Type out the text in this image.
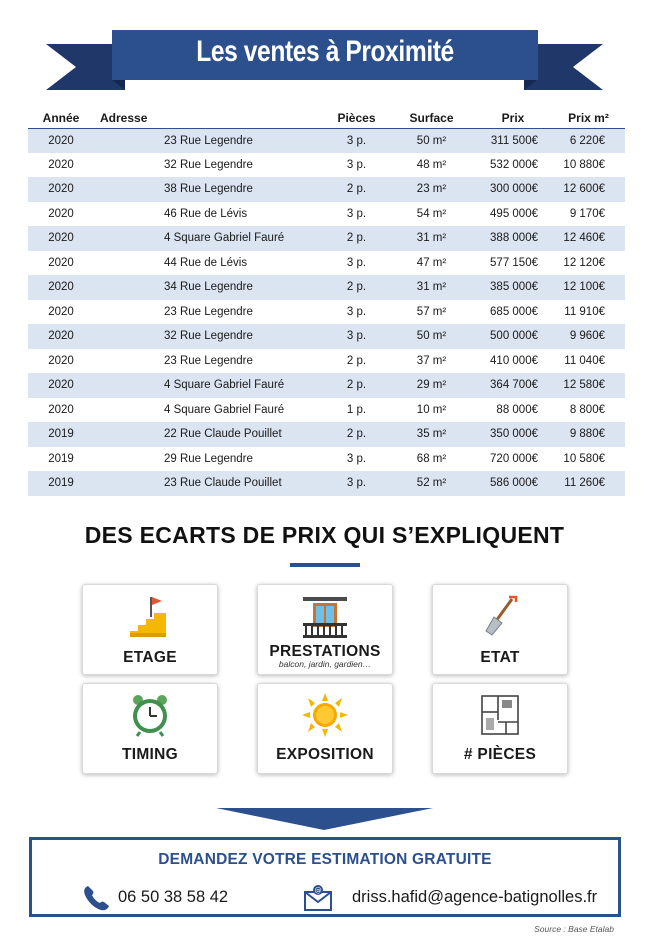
Les ventes à Proximité
Année	Adresse	Pièces	Surface	Prix	Prix m²
2020	23 Rue Legendre	3 p.	50 m²	311 500€	6 220€
2020	32 Rue Legendre	3 p.	48 m²	532 000€	10 880€
2020	38 Rue Legendre	2 p.	23 m²	300 000€	12 600€
2020	46 Rue de Lévis	3 p.	54 m²	495 000€	9 170€
2020	4 Square Gabriel Fauré	2 p.	31 m²	388 000€	12 460€
2020	44 Rue de Lévis	3 p.	47 m²	577 150€	12 120€
2020	34 Rue Legendre	2 p.	31 m²	385 000€	12 100€
2020	23 Rue Legendre	3 p.	57 m²	685 000€	11 910€
2020	32 Rue Legendre	3 p.	50 m²	500 000€	9 960€
2020	23 Rue Legendre	2 p.	37 m²	410 000€	11 040€
2020	4 Square Gabriel Fauré	2 p.	29 m²	364 700€	12 580€
2020	4 Square Gabriel Fauré	1 p.	10 m²	88 000€	8 800€
2019	22 Rue Claude Pouillet	2 p.	35 m²	350 000€	9 880€
2019	29 Rue Legendre	3 p.	68 m²	720 000€	10 580€
2019	23 Rue Claude Pouillet	3 p.	52 m²	586 000€	11 260€
DES ECARTS DE PRIX QUI S’EXPLIQUENT
ETAGE	PRESTATIONS
balcon, jardin, gardien…	ETAT
TIMING	EXPOSITION	# PIÈCES
DEMANDEZ VOTRE ESTIMATION GRATUITE
06 50 38 58 42	@ driss.hafid@agence-batignolles.fr
Source : Base Etalab
